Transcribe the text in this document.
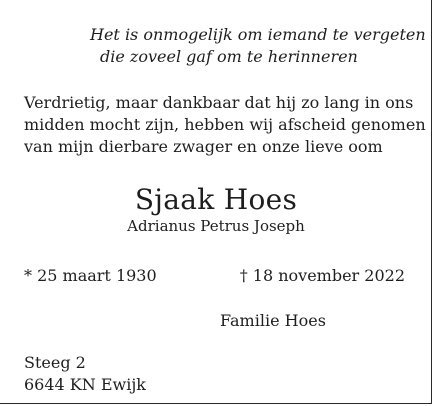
Het is onmogelijk om iemand te vergeten
die zoveel gaf om te herinneren
Verdrietig, maar dankbaar dat hij zo lang in ons
midden mocht zijn, hebben wij afscheid genomen
van mijn dierbare zwager en onze lieve oom
Sjaak Hoes
Adrianus Petrus Joseph
* 25 maart 1930	† 18 november 2022
Familie Hoes
Steeg 2
6644 KN Ewijk
